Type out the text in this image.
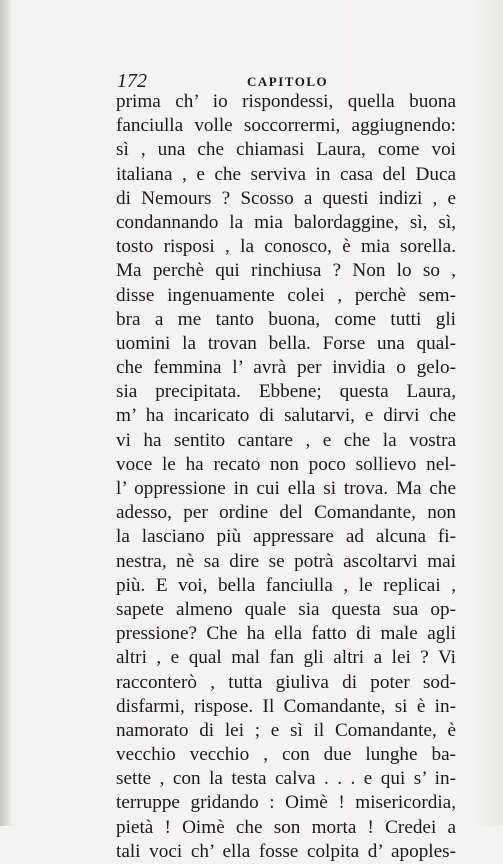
172	CAPITOLO
prima ch’ io rispondessi, quella buona
fanciulla volle soccorrermi, aggiugnendo:
sì , una che chiamasi Laura, come voi
italiana , e che serviva in casa del Duca
di Nemours ? Scosso a questi indizi , e
condannando la mia balordaggine, sì, sì,
tosto risposi , la conosco, è mia sorella.
Ma perchè qui rinchiusa ? Non lo so ,
disse ingenuamente colei , perchè sem-
bra a me tanto buona, come tutti gli
uomini la trovan bella. Forse una qual-
che femmina l’ avrà per invidia o gelo-
sia precipitata. Ebbene; questa Laura,
m’ ha incaricato di salutarvi, e dirvi che
vi ha sentito cantare , e che la vostra
voce le ha recato non poco sollievo nel-
l’ oppressione in cui ella si trova. Ma che
adesso, per ordine del Comandante, non
la lasciano più appressare ad alcuna fi-
nestra, nè sa dire se potrà ascoltarvi mai
più. E voi, bella fanciulla , le replicai ,
sapete almeno quale sia questa sua op-
pressione? Che ha ella fatto di male agli
altri , e qual mal fan gli altri a lei ? Vi
racconterò , tutta giuliva di poter sod-
disfarmi, rispose. Il Comandante, si è in-
namorato di lei ; e sì il Comandante, è
vecchio vecchio , con due lunghe ba-
sette , con la testa calva . . . e qui s’ in-
terruppe gridando : Oimè ! misericordia,
pietà ! Oimè che son morta ! Credei a
tali voci ch’ ella fosse colpita d’ apoples-
